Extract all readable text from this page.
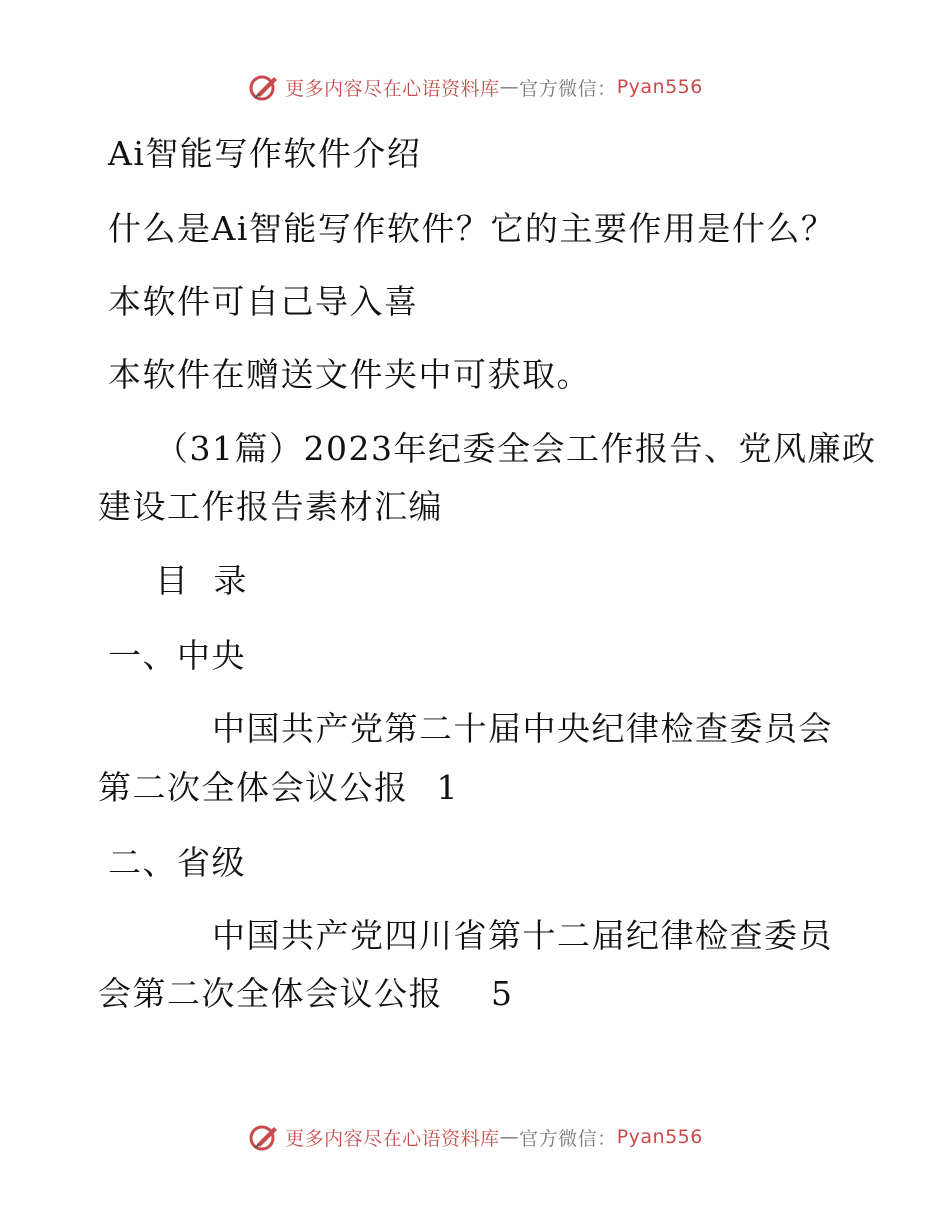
更多内容尽在心语资料库 — 官方微信： Pyan556
Ai智能写作软件介绍
什么是Ai智能写作软件？它的主要作用是什么？
本软件可自己导入喜
本软件在赠送文件夹中可获取。
（31篇）2023年纪委全会工作报告、党风廉政
建设工作报告素材汇编
目  录
一、中央
中国共产党第二十届中央纪律检查委员会
第二次全体会议公报 1
二、省级
中国共产党四川省第十二届纪律检查委员
会第二次全体会议公报 5
更多内容尽在心语资料库 — 官方微信： Pyan556
